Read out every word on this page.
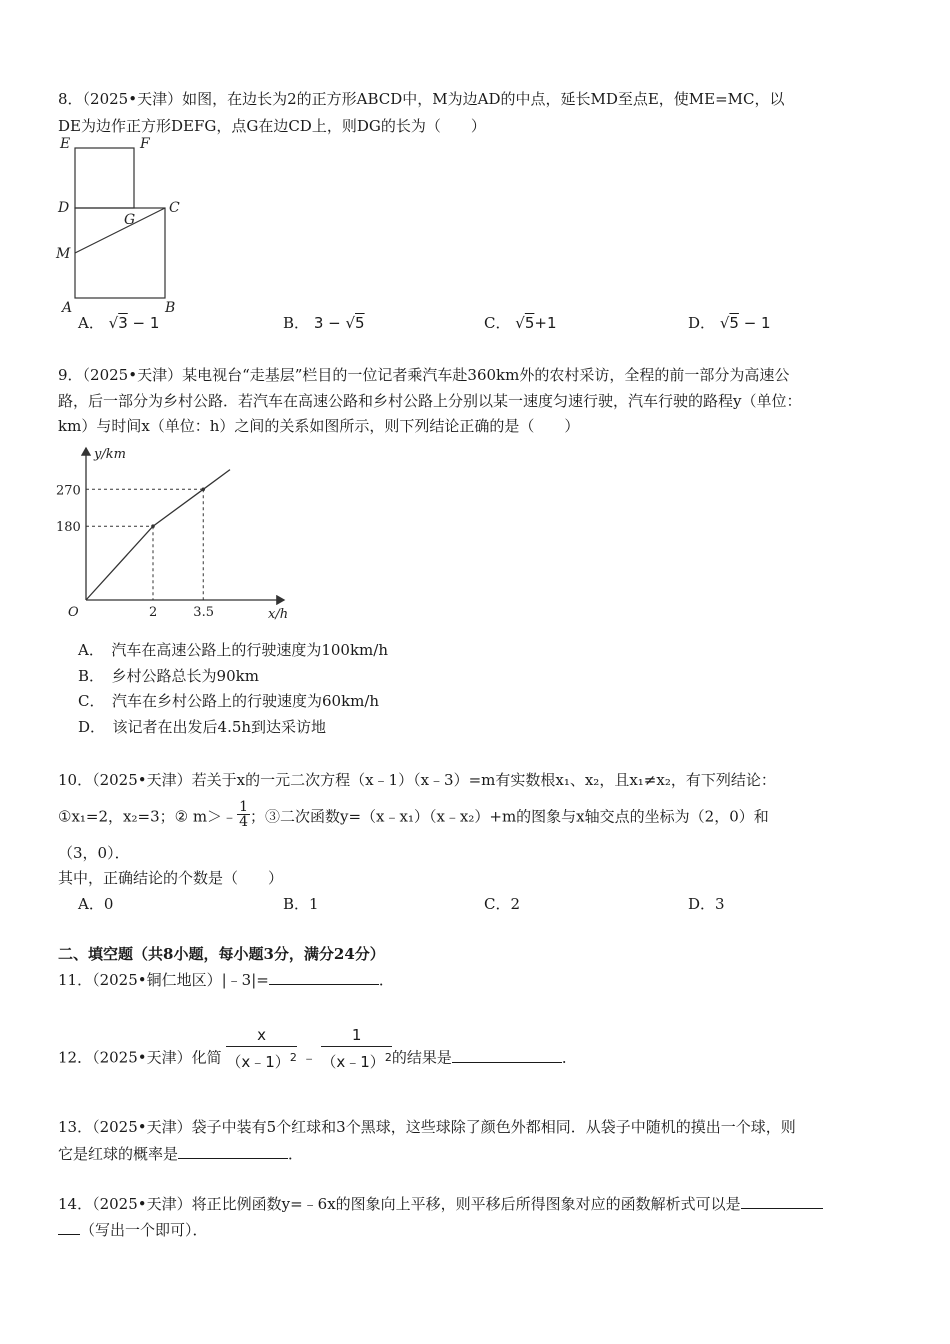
8．（2025•天津）如图，在边长为2的正方形ABCD中，M为边AD的中点，延长MD至点E，使ME=MC，以
DE为边作正方形DEFG，点G在边CD上，则DG的长为（　　）
E	F
D
G
C
M
A	B
A． √3 − 1	B． 3 − √5	C． √5+1	D． √5 − 1
9．（2025•天津）某电视台“走基层”栏目的一位记者乘汽车赴360km外的农村采访，全程的前一部分为高速公
路，后一部分为乡村公路．若汽车在高速公路和乡村公路上分别以某一速度匀速行驶，汽车行驶的路程y（单位：
km）与时间x（单位：h）之间的关系如图所示，则下列结论正确的是（　　）
y/km
x/h
O
180
270
2	3.5
A．　汽车在高速公路上的行驶速度为100km/h
B．　乡村公路总长为90km
C．　汽车在乡村公路上的行驶速度为60km/h
D．　该记者在出发后4.5h到达采访地
10．（2025•天津）若关于x的一元二次方程（x﹣1）（x﹣3）=m有实数根x₁、x₂，且x₁≠x₂，有下列结论：
①x₁=2，x₂=3；② m＞﹣ $\frac{1}{4}$ ；③二次函数y=（x﹣x₁）（x﹣x₂）+m的图象与x轴交点的坐标为（2，0）和
（3，0）．
其中，正确结论的个数是（　　）
A．0	B．1	C．2	D．3
二、填空题（共8小题，每小题3分，满分24分）
11．（2025•铜仁地区）|﹣3|=	．
12．（2025•天津）化简 $\frac{x}{(x﹣1)^2}$ ﹣ $\frac{1}{(x﹣1)^2}$ 的结果是	．
13．（2025•天津）袋子中装有5个红球和3个黑球，这些球除了颜色外都相同．从袋子中随机的摸出一个球，则
它是红球的概率是	．
14．（2025•天津）将正比例函数y=﹣6x的图象向上平移，则平移后所得图象对应的函数解析式可以是
（写出一个即可）．
